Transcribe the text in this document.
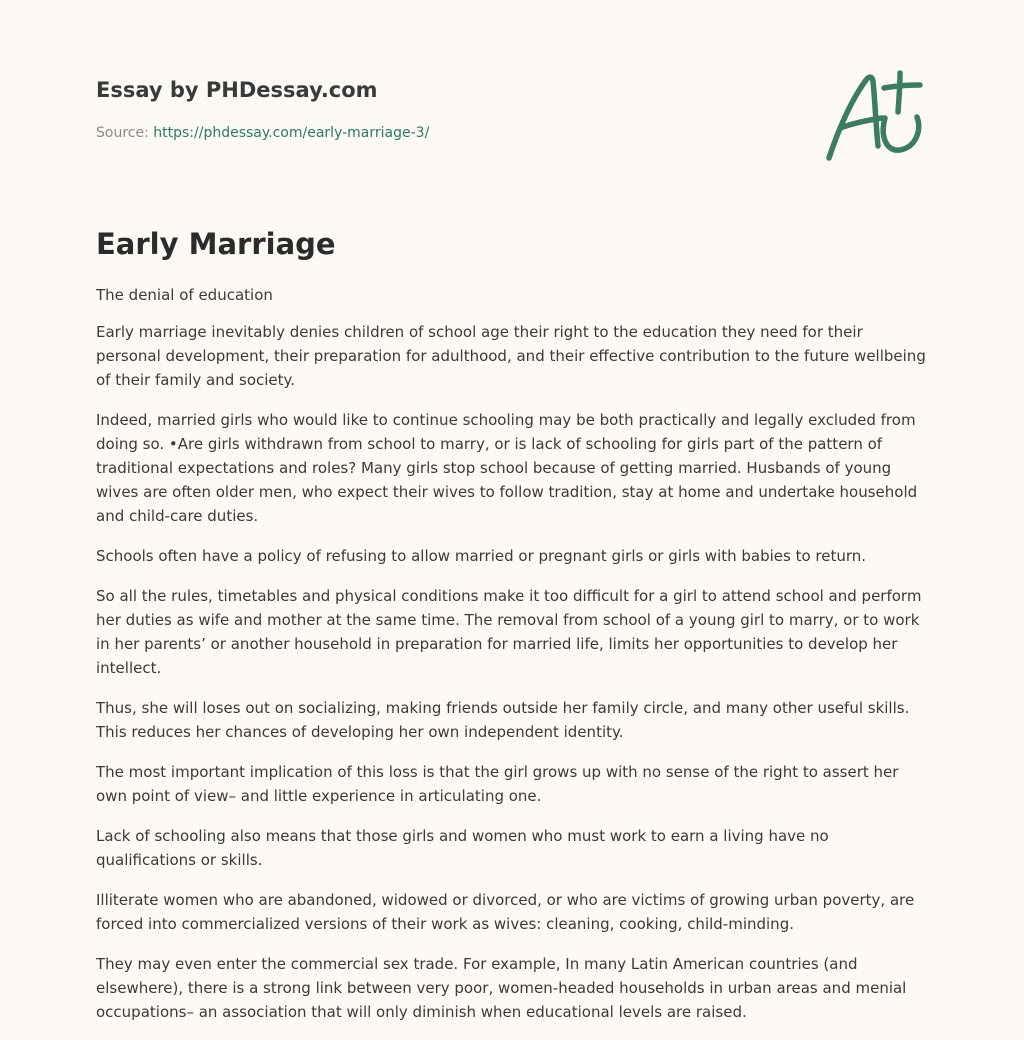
Essay by PHDessay.com
Source: https://phdessay.com/early-marriage-3/
Early Marriage

The denial of education

Early marriage inevitably denies children of school age their right to the education they need for their personal development, their preparation for adulthood, and their effective contribution to the future wellbeing of their family and society.

Indeed, married girls who would like to continue schooling may be both practically and legally excluded from doing so. •Are girls withdrawn from school to marry, or is lack of schooling for girls part of the pattern of traditional expectations and roles? Many girls stop school because of getting married. Husbands of young wives are often older men, who expect their wives to follow tradition, stay at home and undertake household and child-care duties.

Schools often have a policy of refusing to allow married or pregnant girls or girls with babies to return.

So all the rules, timetables and physical conditions make it too difficult for a girl to attend school and perform her duties as wife and mother at the same time. The removal from school of a young girl to marry, or to work in her parents’ or another household in preparation for married life, limits her opportunities to develop her intellect.

Thus, she will loses out on socializing, making friends outside her family circle, and many other useful skills. This reduces her chances of developing her own independent identity.

The most important implication of this loss is that the girl grows up with no sense of the right to assert her own point of view– and little experience in articulating one.

Lack of schooling also means that those girls and women who must work to earn a living have no qualifications or skills.

Illiterate women who are abandoned, widowed or divorced, or who are victims of growing urban poverty, are forced into commercialized versions of their work as wives: cleaning, cooking, child-minding.

They may even enter the commercial sex trade. For example, In many Latin American countries (and elsewhere), there is a strong link between very poor, women-headed households in urban areas and menial occupations– an association that will only diminish when educational levels are raised.
